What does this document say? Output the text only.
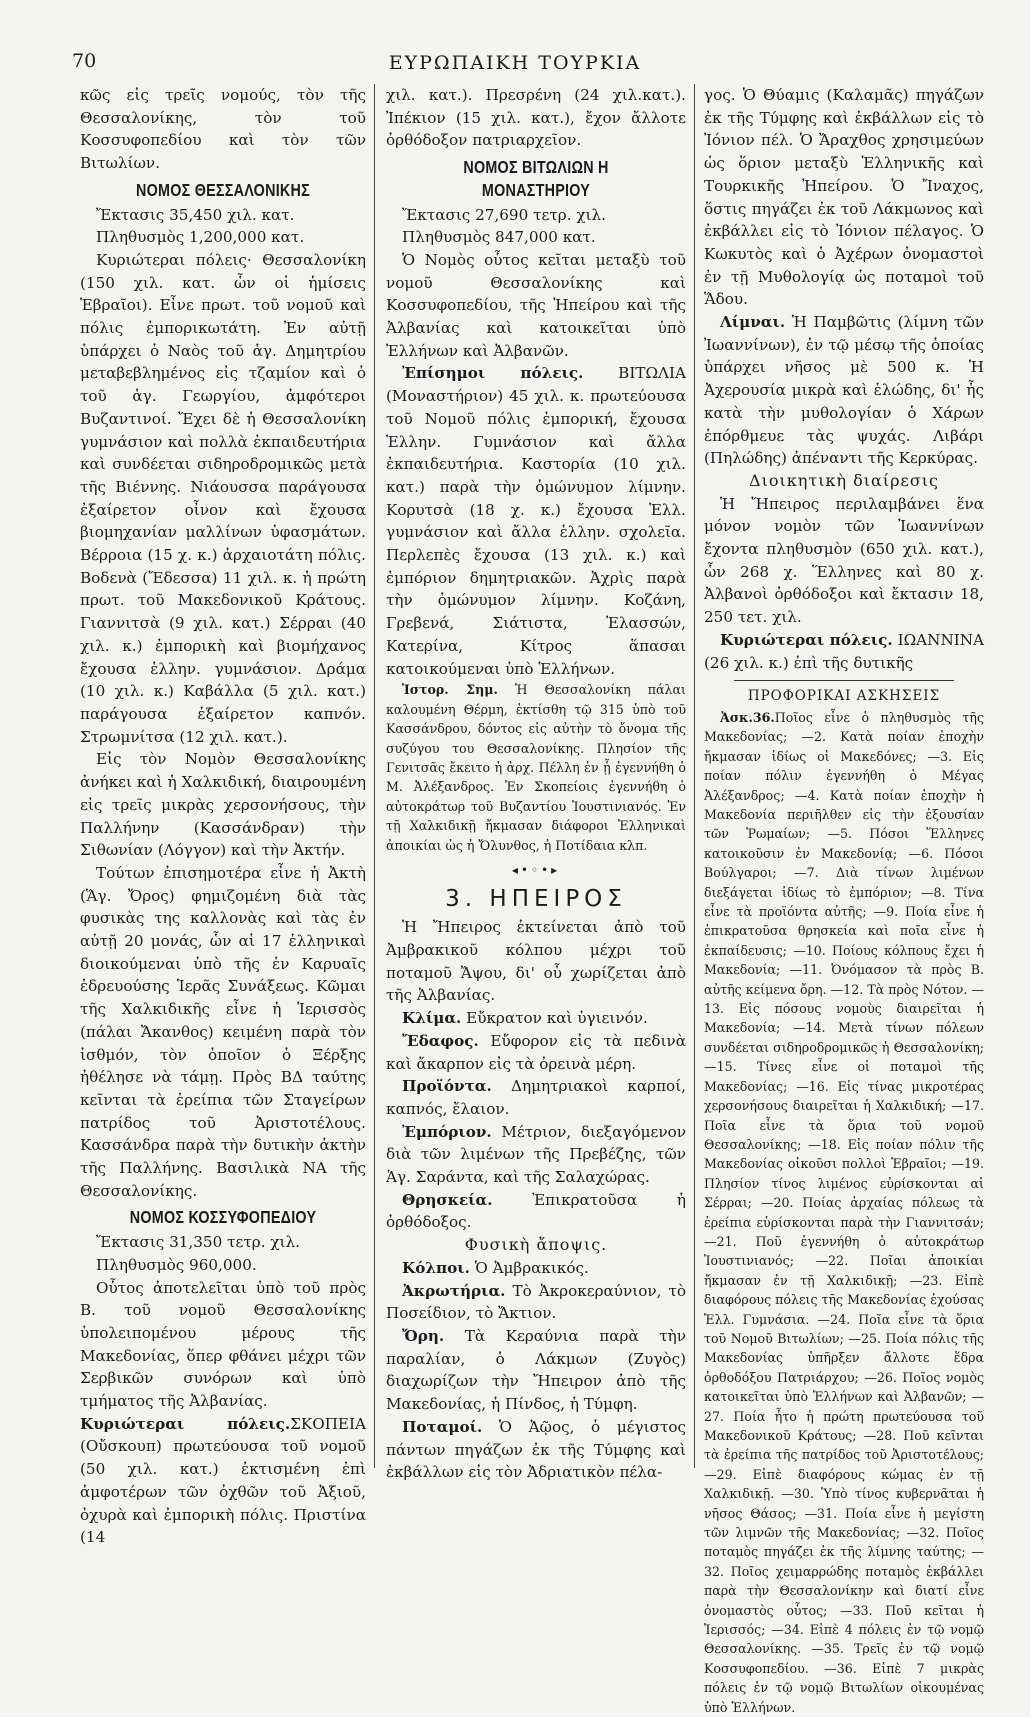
70	ΕΥΡΩΠΑΙΚΗ ΤΟΥΡΚΙΑ

κῶς εἰς τρεῖς νομούς, τὸν τῆς Θεσσαλονίκης, τὸν τοῦ Κοσσυφοπεδίου καὶ τὸν τῶν Βιτωλίων.

ΝΟΜΟΣ ΘΕΣΣΑΛΟΝΙΚΗΣ

Ἔκτασις 35,450 χιλ. κατ.

Πληθυσμὸς 1,200,000 κατ.

Κυριώτεραι πόλεις· Θεσσαλονίκη (150 χιλ. κατ. ὧν οἱ ἡμίσεις Ἑβραῖοι). Εἶνε πρωτ. τοῦ νομοῦ καὶ πόλις ἐμπορικωτάτη. Ἐν αὐτῇ ὑπάρχει ὁ Ναὸς τοῦ ἁγ. Δημητρίου μεταβεβλημένος εἰς τζαμίον καὶ ὁ τοῦ ἁγ. Γεωργίου, ἀμφότεροι Βυζαντινοί. Ἔχει δὲ ἡ Θεσσαλονίκη γυμνάσιον καὶ πολλὰ ἐκπαιδευτήρια καὶ συνδέεται σιδηροδρομικῶς μετὰ τῆς Βιέννης. Νιάουσσα παράγουσα ἐξαίρετον οἶνον καὶ ἔχουσα βιομηχανίαν μαλλίνων ὑφασμάτων. Βέρροια (15 χ. κ.) ἀρχαιοτάτη πόλις. Βοδενὰ (Ἔδεσσα) 11 χιλ. κ. ἡ πρώτη πρωτ. τοῦ Μακεδονικοῦ Κράτους. Γιαννιτσὰ (9 χιλ. κατ.) Σέρραι (40 χιλ. κ.) ἐμπορικὴ καὶ βιομήχανος ἔχουσα ἑλλην. γυμνάσιον. Δράμα (10 χιλ. κ.) Καβάλλα (5 χιλ. κατ.) παράγουσα ἐξαίρετον καπνόν. Στρωμνίτσα (12 χιλ. κατ.).

Εἰς τὸν Νομὸν Θεσσαλονίκης ἀνήκει καὶ ἡ Χαλκιδική, διαιρουμένη εἰς τρεῖς μικρὰς χερσονήσους, τὴν Παλλήνην (Κασσάνδραν) τὴν Σιθωνίαν (Λόγγον) καὶ τὴν Ἀκτήν.

Τούτων ἐπισημοτέρα εἶνε ἡ Ἀκτὴ (Ἅγ. Ὄρος) φημιζομένη διὰ τὰς φυσικὰς της καλλονὰς καὶ τὰς ἐν αὐτῇ 20 μονάς, ὧν αἱ 17 ἑλληνικαὶ διοικούμεναι ὑπὸ τῆς ἐν Καρυαῖς ἑδρευούσης Ἱερᾶς Συνάξεως. Κῶμαι τῆς Χαλκιδικῆς εἶνε ἡ Ἱερισσὸς (πάλαι Ἄκανθος) κειμένη παρὰ τὸν ἰσθμόν, τὸν ὁποῖον ὁ Ξέρξης ἠθέλησε νὰ τάμῃ. Πρὸς ΒΔ ταύτης κεῖνται τὰ ἐρείπια τῶν Σταγείρων πατρίδος τοῦ Ἀριστοτέλους. Κασσάνδρα παρὰ τὴν δυτικὴν ἀκτὴν τῆς Παλλήνης. Βασιλικὰ ΝΑ τῆς Θεσσαλονίκης.

ΝΟΜΟΣ ΚΟΣΣΥΦΟΠΕΔΙΟΥ

Ἔκτασις 31,350 τετρ. χιλ.

Πληθυσμὸς 960,000.

Οὗτος ἀποτελεῖται ὑπὸ τοῦ πρὸς Β. τοῦ νομοῦ Θεσσαλονίκης ὑπολειπομένου μέρους τῆς Μακεδονίας, ὅπερ φθάνει μέχρι τῶν Σερβικῶν συνόρων καὶ ὑπὸ τμήματος τῆς Ἀλβανίας.

Κυριώτεραι πόλεις.ΣΚΟΠΕΙΑ (Οὔσκουπ) πρωτεύουσα τοῦ νομοῦ (50 χιλ. κατ.) ἐκτισμένη ἐπὶ ἀμφοτέρων τῶν ὀχθῶν τοῦ Ἀξιοῦ, ὀχυρὰ καὶ ἐμπορικὴ πόλις. Πριστίνα (14

χιλ. κατ.). Πρεσρένη (24 χιλ.κατ.). Ἰπέκιον (15 χιλ. κατ.), ἔχον ἄλλοτε ὀρθόδοξον πατριαρχεῖον.

ΝΟΜΟΣ ΒΙΤΩΛΙΩΝ Η ΜΟΝΑΣΤΗΡΙΟΥ

Ἔκτασις 27,690 τετρ. χιλ.

Πληθυσμὸς 847,000 κατ.

Ὁ Νομὸς οὗτος κεῖται μεταξὺ τοῦ νομοῦ Θεσσαλονίκης καὶ Κοσσυφοπεδίου, τῆς Ἠπείρου καὶ τῆς Ἀλβανίας καὶ κατοικεῖται ὑπὸ Ἑλλήνων καὶ Ἀλβανῶν.

Ἐπίσημοι πόλεις. ΒΙΤΩΛΙΑ (Μοναστήριον) 45 χιλ. κ. πρωτεύουσα τοῦ Νομοῦ πόλις ἐμπορική, ἔχουσα Ἑλλην. Γυμνάσιον καὶ ἄλλα ἐκπαιδευτήρια. Καστορία (10 χιλ. κατ.) παρὰ τὴν ὁμώνυμον λίμνην. Κορυτσὰ (18 χ. κ.) ἔχουσα Ἑλλ. γυμνάσιον καὶ ἄλλα ἑλλην. σχολεῖα. Περλεπὲς ἔχουσα (13 χιλ. κ.) καὶ ἐμπόριον δημητριακῶν. Ἀχρὶς παρὰ τὴν ὁμώνυμον λίμνην. Κοζάνη, Γρεβενά, Σιάτιστα, Ἐλασσών, Κατερίνα, Κίτρος ἅπασαι κατοικούμεναι ὑπὸ Ἑλλήνων.

Ἱστορ. Σημ. Ἡ Θεσσαλονίκη πάλαι καλουμένη Θέρμη, ἐκτίσθη τῷ 315 ὑπὸ τοῦ Κασσάνδρου, δόντος εἰς αὐτὴν τὸ ὄνομα τῆς συζύγου του Θεσσαλονίκης. Πλησίον τῆς Γενιτσᾶς ἔκειτο ἡ ἀρχ. Πέλλη ἐν ᾗ ἐγεννήθη ὁ Μ. Ἀλέξανδρος. Ἐν Σκοπείοις ἐγεννήθη ὁ αὐτοκράτωρ τοῦ Βυζαντίου Ἰουστινιανός. Ἐν τῇ Χαλκιδικῇ ἤκμασαν διάφοροι Ἑλληνικαὶ ἀποικίαι ὡς ἡ Ὄλυνθος, ἡ Ποτίδαια κλπ.

◂•◦•▸

3. ΗΠΕΙΡΟΣ

Ἡ Ἤπειρος ἐκτείνεται ἀπὸ τοῦ Ἀμβρακικοῦ κόλπου μέχρι τοῦ ποταμοῦ Ἄψου, δι' οὗ χωρίζεται ἀπὸ τῆς Ἀλβανίας.

Κλίμα. Εὔκρατον καὶ ὑγιεινόν.

Ἔδαφος. Εὔφορον εἰς τὰ πεδινὰ καὶ ἄκαρπον εἰς τὰ ὀρεινὰ μέρη.

Προϊόντα. Δημητριακοὶ καρποί, καπνός, ἔλαιον.

Ἐμπόριον. Μέτριον, διεξαγόμενον διὰ τῶν λιμένων τῆς Πρεβέζης, τῶν Ἁγ. Σαράντα, καὶ τῆς Σαλαχώρας.

Θρησκεία.	Ἐπικρατοῦσα ἡ ὀρθόδοξος.

Φυσικὴ ἄποψις.

Κόλποι. Ὁ Ἀμβρακικός.

Ἀκρωτήρια. Τὸ Ἀκροκεραύνιον, τὸ Ποσείδιον, τὸ Ἄκτιον.

Ὄρη. Τὰ Κεραύνια παρὰ τὴν παραλίαν, ὁ Λάκμων (Ζυγὸς) διαχωρίζων τὴν Ἤπειρον ἀπὸ τῆς Μακεδονίας, ἡ Πίνδος, ἡ Τύμφη.

Ποταμοί. Ὁ Ἀῷος, ὁ μέγιστος πάντων πηγάζων ἐκ τῆς Τύμφης καὶ ἐκβάλλων εἰς τὸν Ἀδριατικὸν πέλα-

γος. Ὁ Θύαμις (Καλαμᾶς) πηγάζων ἐκ τῆς Τύμφης καὶ ἐκβάλλων εἰς τὸ Ἰόνιον πέλ. Ὁ Ἄραχθος χρησιμεύων ὡς ὅριον μεταξὺ Ἑλληνικῆς καὶ Τουρκικῆς Ἠπείρου. Ὁ Ἴναχος, ὅστις πηγάζει ἐκ τοῦ Λάκμωνος καὶ ἐκβάλλει εἰς τὸ Ἰόνιον πέλαγος. Ὁ Κωκυτὸς καὶ ὁ Ἀχέρων ὀνομαστοὶ ἐν τῇ Μυθολογίᾳ ὡς ποταμοὶ τοῦ Ἅδου.

Λίμναι. Ἡ Παμβῶτις (λίμνη τῶν Ἰωαννίνων), ἐν τῷ μέσῳ τῆς ὁποίας ὑπάρχει νῆσος μὲ 500 κ. Ἡ Ἀχερουσία μικρὰ καὶ ἑλώδης, δι' ἧς κατὰ τὴν μυθολογίαν ὁ Χάρων ἐπόρθμευε τὰς ψυχάς. Λιβάρι (Πηλώδης) ἀπέναντι τῆς Κερκύρας.

Διοικητικὴ διαίρεσις

Ἡ Ἤπειρος περιλαμβάνει ἕνα μόνον νομὸν τῶν Ἰωαννίνων ἔχοντα πληθυσμὸν (650 χιλ. κατ.), ὧν 268 χ. Ἕλληνες καὶ 80 χ. Ἀλβανοὶ ὀρθόδοξοι καὶ ἔκτασιν 18, 250 τετ. χιλ.

Κυριώτεραι πόλεις. ΙΩΑΝΝΙΝΑ (26 χιλ. κ.) ἐπὶ τῆς δυτικῆς

ΠΡΟΦΟΡΙΚΑΙ ΑΣΚΗΣΕΙΣ

Ἀσκ.36.Ποῖος εἶνε ὁ πληθυσμὸς τῆς Μακεδονίας; —2. Κατὰ ποίαν ἐποχὴν ἤκμασαν ἰδίως οἱ Μακεδόνες; —3. Εἰς ποίαν πόλιν ἐγεννήθη ὁ Μέγας Ἀλέξανδρος; —4. Κατὰ ποίαν ἐποχὴν ἡ Μακεδονία περιῆλθεν εἰς τὴν ἐξουσίαν τῶν Ῥωμαίων; —5. Πόσοι Ἕλληνες κατοικοῦσιν ἐν Μακεδονίᾳ; —6. Πόσοι Βούλγαροι; —7. Διὰ τίνων λιμένων διεξάγεται ἰδίως τὸ ἐμπόριον; —8. Τίνα εἶνε τὰ προϊόντα αὐτῆς; —9. Ποία εἶνε ἡ ἐπικρατοῦσα θρησκεία καὶ ποῖα εἶνε ἡ ἐκπαίδευσις; —10. Ποίους κόλπους ἔχει ἡ Μακεδονία; —11. Ὀνόμασον τὰ πρὸς Β. αὐτῆς κείμενα ὄρη. —12. Τὰ πρὸς Νότον. —13. Εἰς πόσους νομοὺς διαιρεῖται ἡ Μακεδονία; —14. Μετὰ τίνων πόλεων συνδέεται σιδηροδρομικῶς ἡ Θεσσαλονίκη; —15. Τίνες εἶνε οἱ ποταμοὶ τῆς Μακεδονίας; —16. Εἰς τίνας μικροτέρας χερσονήσους διαιρεῖται ἡ Χαλκιδική; —17. Ποῖα εἶνε τὰ ὅρια τοῦ νομοῦ Θεσσαλονίκης; —18. Εἰς ποίαν πόλιν τῆς Μακεδονίας οἰκοῦσι πολλοὶ Ἑβραῖοι; —19. Πλησίον τίνος λιμένος εὑρίσκονται αἱ Σέρραι; —20. Ποίας ἀρχαίας πόλεως τὰ ἐρείπια εὑρίσκονται παρὰ τὴν Γιαννιτσάν; —21. Ποῦ ἐγεννήθη ὁ αὐτοκράτωρ Ἰουστινιανός; —22. Ποῖαι ἀποικίαι ἤκμασαν ἐν τῇ Χαλκιδικῇ; —23. Εἰπὲ διαφόρους πόλεις τῆς Μακεδονίας ἐχούσας Ἑλλ. Γυμνάσια. —24. Ποῖα εἶνε τὰ ὅρια τοῦ Νομοῦ Βιτωλίων; —25. Ποία πόλις τῆς Μακεδονίας ὑπῆρξεν ἄλλοτε ἕδρα ὀρθοδόξου Πατριάρχου; —26. Ποῖος νομὸς κατοικεῖται ὑπὸ Ἑλλήνων καὶ Ἀλβανῶν; —27. Ποία ἦτο ἡ πρώτη πρωτεύουσα τοῦ Μακεδονικοῦ Κράτους; —28. Ποῦ κεῖνται τὰ ἐρείπια τῆς πατρίδος τοῦ Ἀριστοτέλους; —29. Εἰπὲ διαφόρους κώμας ἐν τῇ Χαλκιδικῇ. —30. Ὑπὸ τίνος κυβερνᾶται ἡ νῆσος Θάσος; —31. Ποία εἶνε ἡ μεγίστη τῶν λιμνῶν τῆς Μακεδονίας; —32. Ποῖος ποταμὸς πηγάζει ἐκ τῆς λίμνης ταύτης; —32. Ποῖος χειμαρρώδης ποταμὸς ἐκβάλλει παρὰ τὴν Θεσσαλονίκην καὶ διατί εἶνε ὀνομαστὸς οὗτος; —33. Ποῦ κεῖται ἡ Ἱερισσός; —34. Εἰπὲ 4 πόλεις ἐν τῷ νομῷ Θεσσαλονίκης. —35. Τρεῖς ἐν τῷ νομῷ Κοσσυφοπεδίου. —36. Εἰπὲ 7 μικρὰς πόλεις ἐν τῷ νομῷ Βιτωλίων οἰκουμένας ὑπὸ Ἑλλήνων.
